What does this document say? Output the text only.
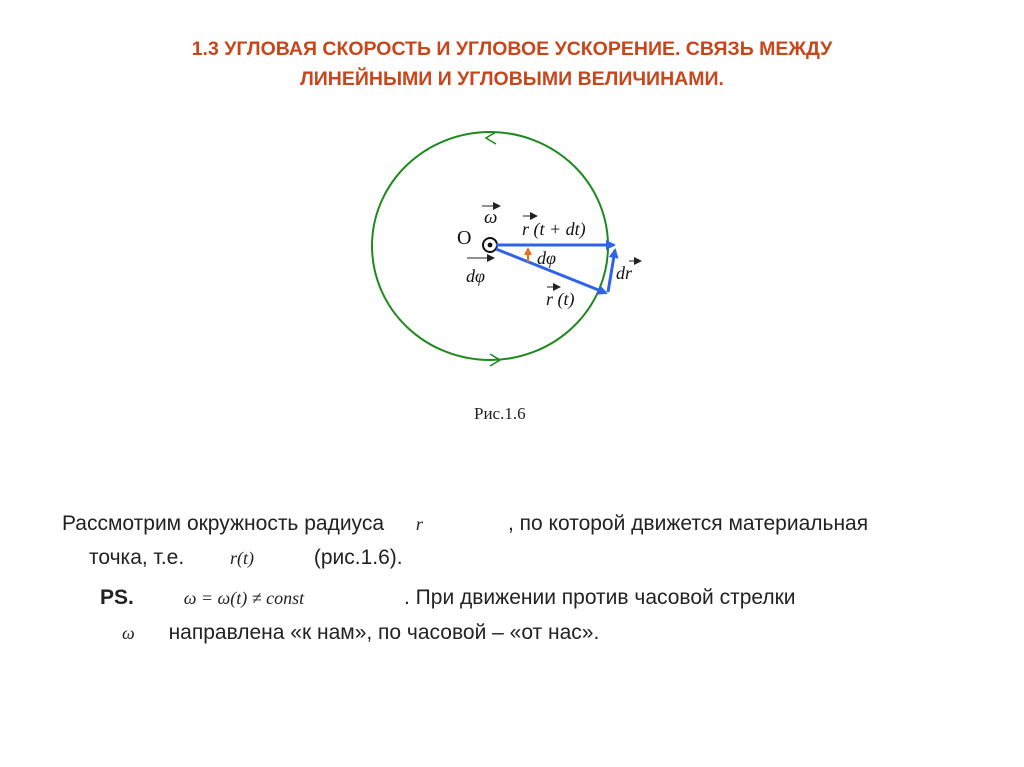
1.3 УГЛОВАЯ СКОРОСТЬ И УГЛОВОЕ УСКОРЕНИЕ. СВЯЗЬ МЕЖДУ
ЛИНЕЙНЫМИ И УГЛОВЫМИ ВЕЛИЧИНАМИ.
O
ω
dφ
r (t + dt)
dφ
dr
r (t)
Рис.1.6
Рассмотрим окружность радиуса r	, по которой движется материальная
точка, т.е.	r(t)	(рис.1.6).
PS.	ω = ω(t) ≠ const	. При движении против часовой стрелки
ω направлена «к нам», по часовой – «от нас».
